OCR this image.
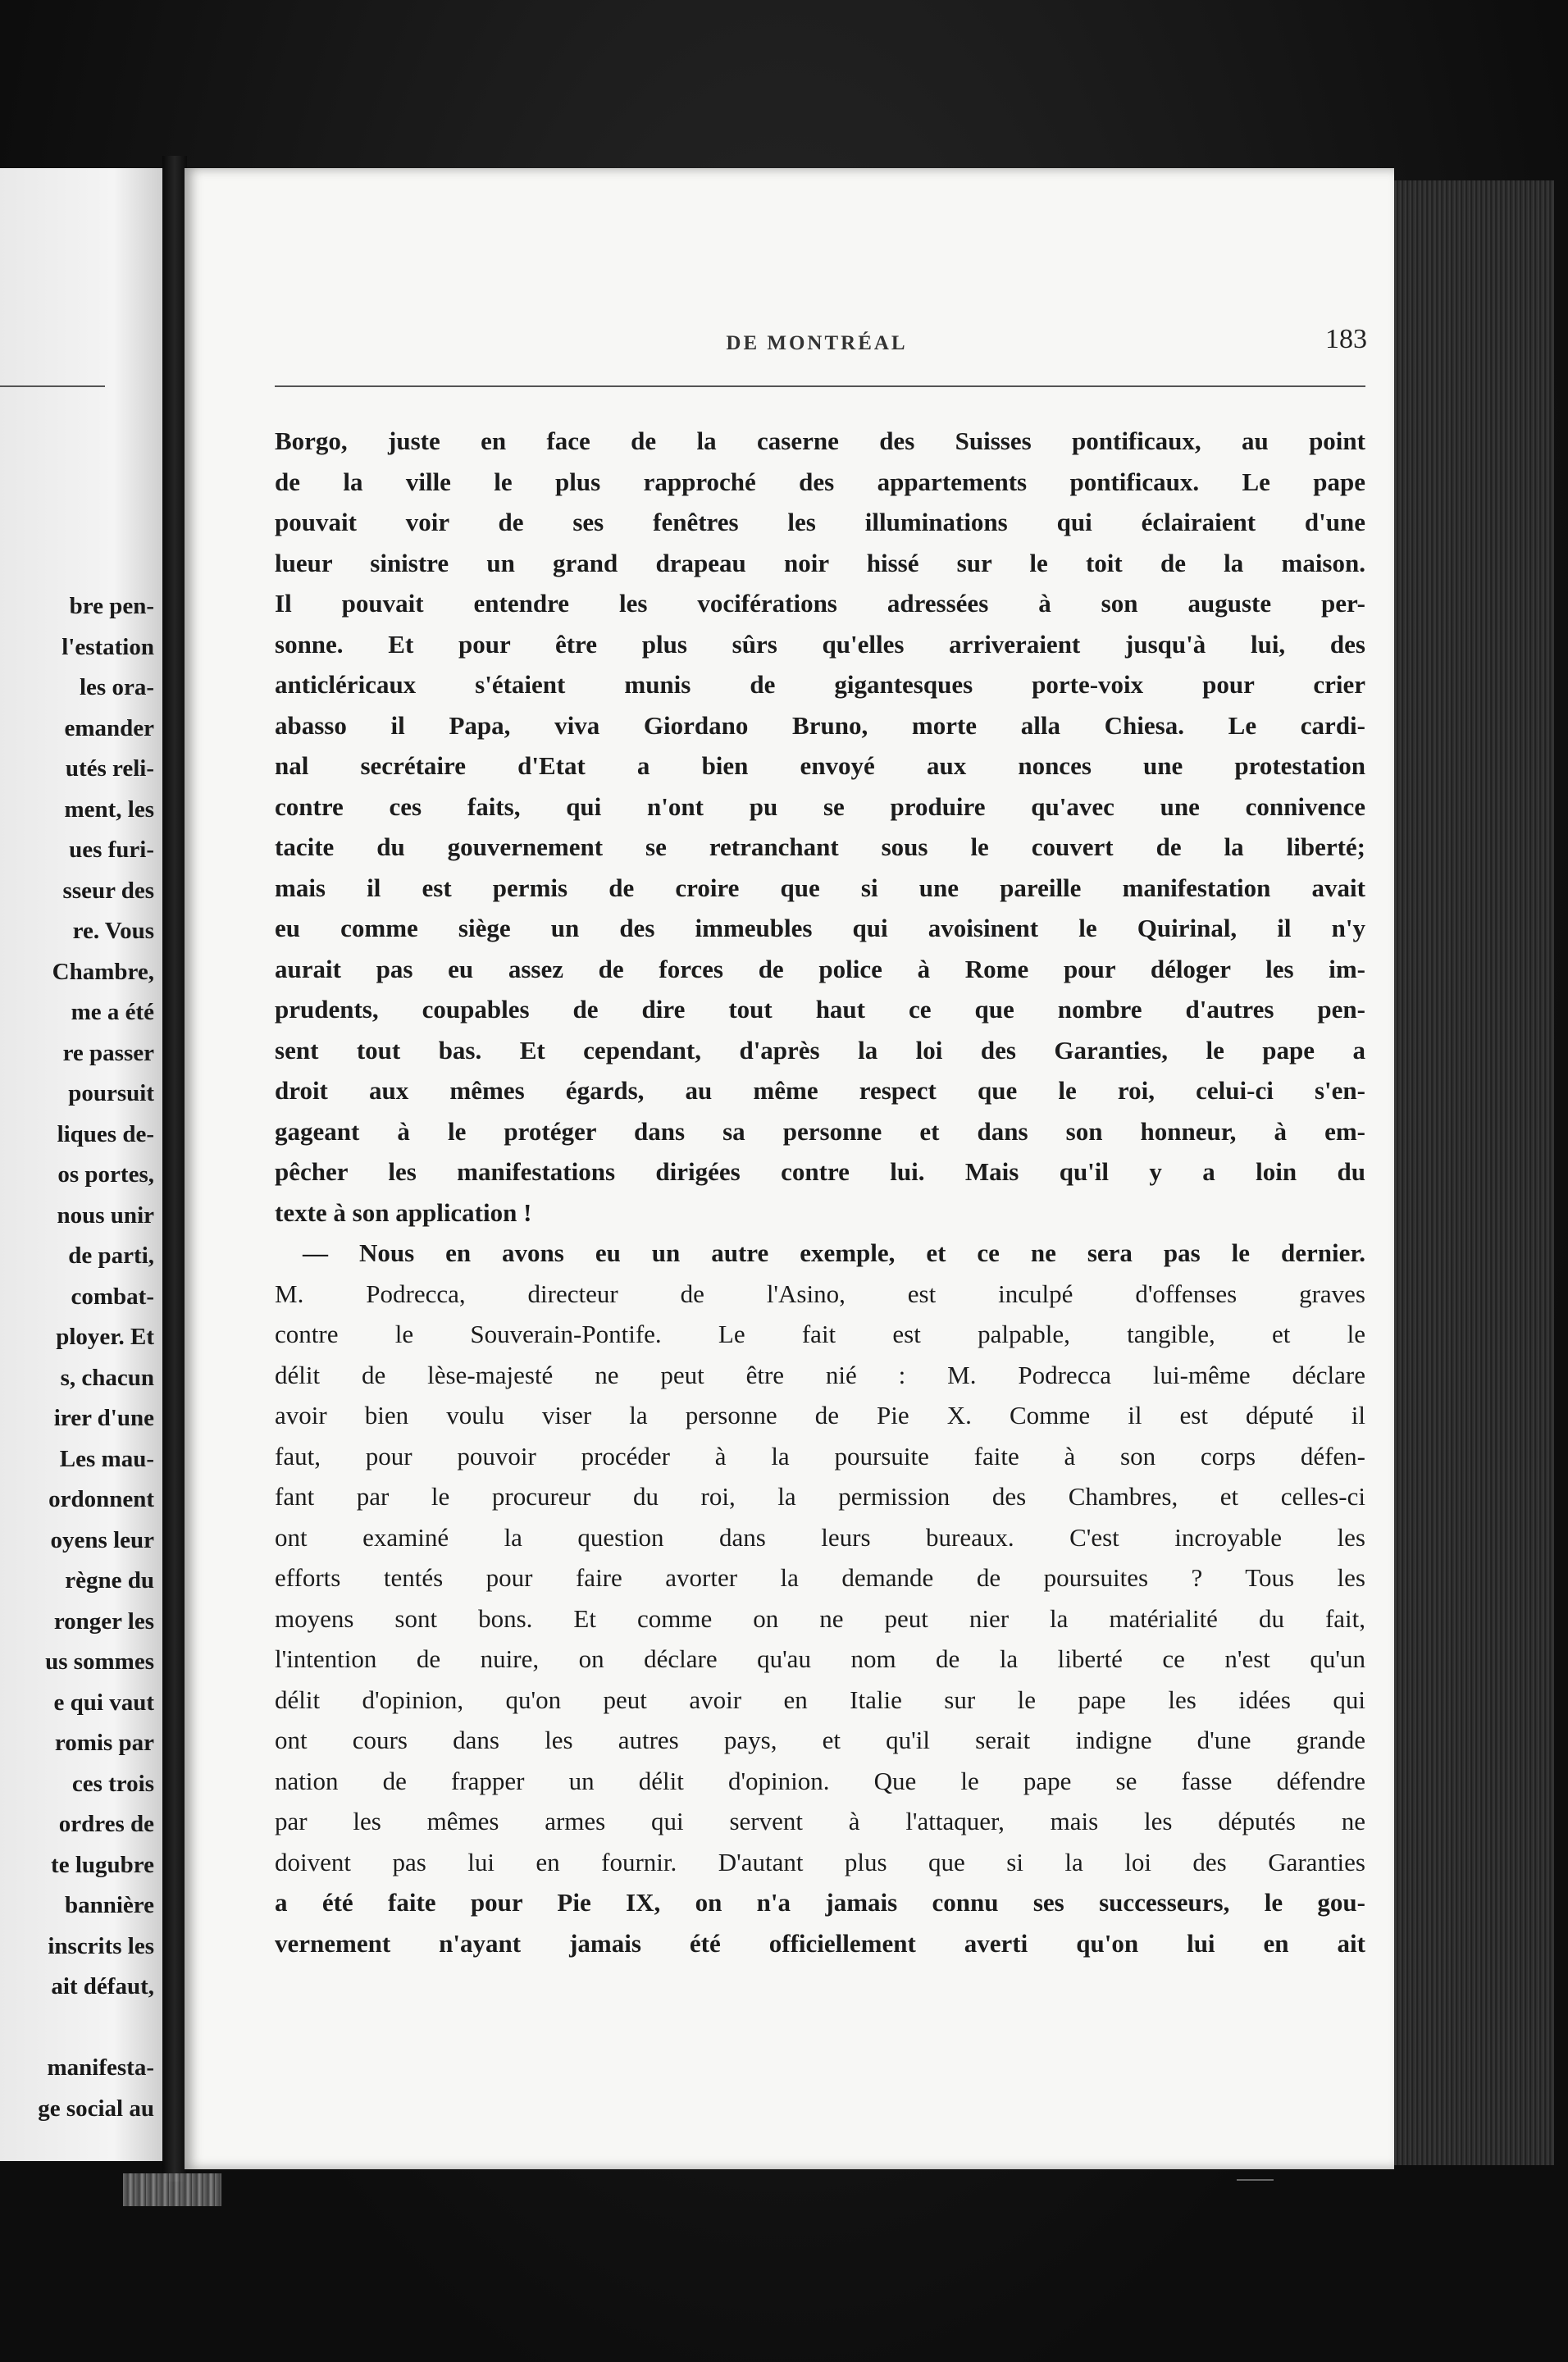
bre pen-
l'estation
les ora-
emander
utés reli-
ment, les
ues furi-
sseur des
re. Vous
Chambre,
me a été
re passer
poursuit
liques de-
os portes,
nous unir
de parti,
combat-
ployer. Et
s, chacun
irer d'une
Les mau-
ordonnent
oyens leur
règne du
ronger les
us sommes
e qui vaut
romis par
ces trois
ordres de
te lugubre
bannière
inscrits les
ait défaut,
manifesta-
ge social au
DE MONTRÉAL	183
Borgo, juste en face de la caserne des Suisses pontificaux, au point
de la ville le plus rapproché des appartements pontificaux. Le pape
pouvait voir de ses fenêtres les illuminations qui éclairaient d'une
lueur sinistre un grand drapeau noir hissé sur le toit de la maison.
Il pouvait entendre les vociférations adressées à son auguste per-
sonne. Et pour être plus sûrs qu'elles arriveraient jusqu'à lui, des
anticléricaux s'étaient munis de gigantesques porte-voix pour crier
abasso il Papa, viva Giordano Bruno, morte alla Chiesa. Le cardi-
nal secrétaire d'Etat a bien envoyé aux nonces une protestation
contre ces faits, qui n'ont pu se produire qu'avec une connivence
tacite du gouvernement se retranchant sous le couvert de la liberté;
mais il est permis de croire que si une pareille manifestation avait
eu comme siège un des immeubles qui avoisinent le Quirinal, il n'y
aurait pas eu assez de forces de police à Rome pour déloger les im-
prudents, coupables de dire tout haut ce que nombre d'autres pen-
sent tout bas. Et cependant, d'après la loi des Garanties, le pape a
droit aux mêmes égards, au même respect que le roi, celui-ci s'en-
gageant à le protéger dans sa personne et dans son honneur, à em-
pêcher les manifestations dirigées contre lui. Mais qu'il y a loin du
texte à son application !
— Nous en avons eu un autre exemple, et ce ne sera pas le dernier.
M. Podrecca, directeur de l'Asino, est inculpé d'offenses graves
contre le Souverain-Pontife. Le fait est palpable, tangible, et le
délit de lèse-majesté ne peut être nié : M. Podrecca lui-même déclare
avoir bien voulu viser la personne de Pie X. Comme il est député il
faut, pour pouvoir procéder à la poursuite faite à son corps défen-
fant par le procureur du roi, la permission des Chambres, et celles-ci
ont examiné la question dans leurs bureaux. C'est incroyable les
efforts tentés pour faire avorter la demande de poursuites ? Tous les
moyens sont bons. Et comme on ne peut nier la matérialité du fait,
l'intention de nuire, on déclare qu'au nom de la liberté ce n'est qu'un
délit d'opinion, qu'on peut avoir en Italie sur le pape les idées qui
ont cours dans les autres pays, et qu'il serait indigne d'une grande
nation de frapper un délit d'opinion. Que le pape se fasse défendre
par les mêmes armes qui servent à l'attaquer, mais les députés ne
doivent pas lui en fournir. D'autant plus que si la loi des Garanties
a été faite pour Pie IX, on n'a jamais connu ses successeurs, le gou-
vernement n'ayant jamais été officiellement averti qu'on lui en ait
